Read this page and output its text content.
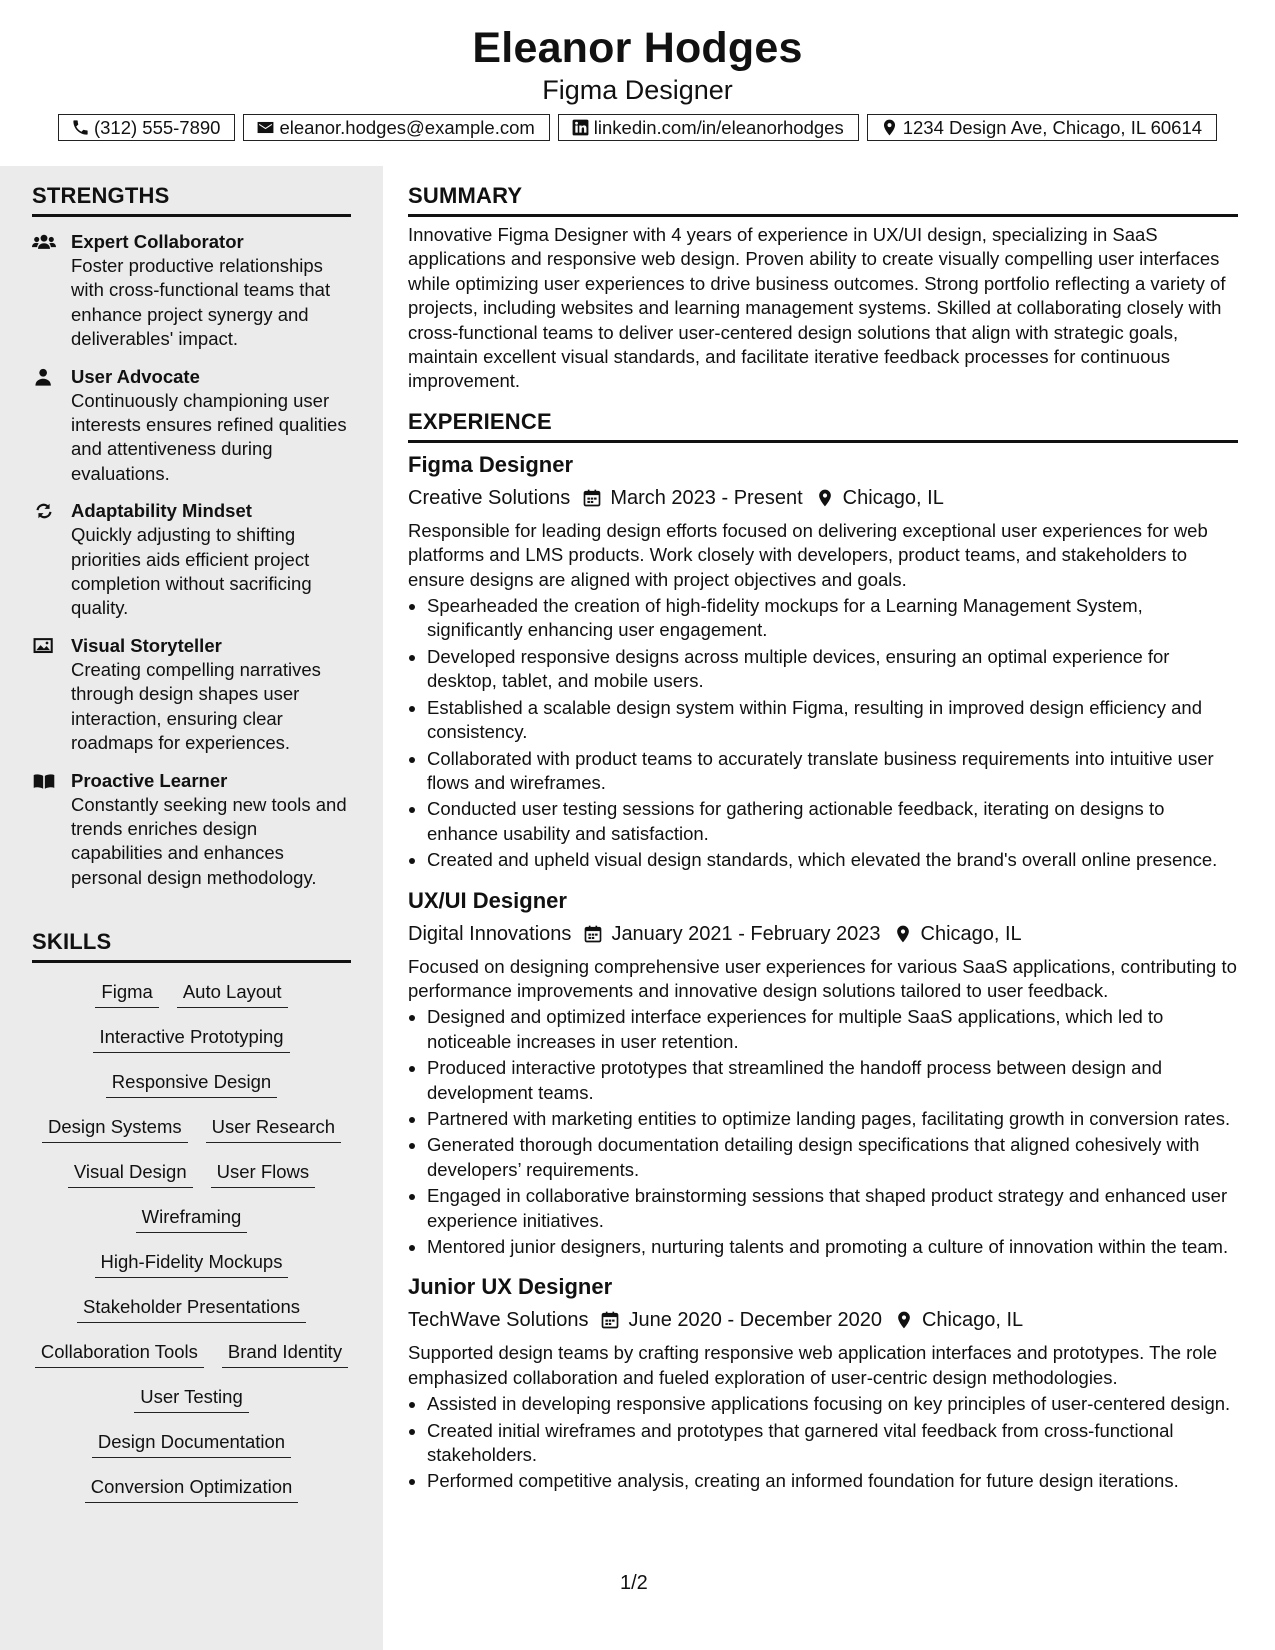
Eleanor Hodges
Figma Designer
(312) 555-7890	eleanor.hodges@example.com	linkedin.com/in/eleanorhodges	1234 Design Ave, Chicago, IL 60614
STRENGTHS
Expert Collaborator
Foster productive relationships with cross-functional teams that enhance project synergy and deliverables' impact.
User Advocate
Continuously championing user interests ensures refined qualities and attentiveness during evaluations.
Adaptability Mindset
Quickly adjusting to shifting priorities aids efficient project completion without sacrificing quality.
Visual Storyteller
Creating compelling narratives through design shapes user interaction, ensuring clear roadmaps for experiences.
Proactive Learner
Constantly seeking new tools and trends enriches design capabilities and enhances personal design methodology.
SKILLS
Figma	Auto Layout
Interactive Prototyping
Responsive Design
Design Systems	User Research
Visual Design	User Flows
Wireframing
High-Fidelity Mockups
Stakeholder Presentations
Collaboration Tools	Brand Identity
User Testing
Design Documentation
Conversion Optimization
SUMMARY
Innovative Figma Designer with 4 years of experience in UX/UI design, specializing in SaaS applications and responsive web design. Proven ability to create visually compelling user interfaces while optimizing user experiences to drive business outcomes. Strong portfolio reflecting a variety of projects, including websites and learning management systems. Skilled at collaborating closely with cross-functional teams to deliver user-centered design solutions that align with strategic goals, maintain excellent visual standards, and facilitate iterative feedback processes for continuous improvement.
EXPERIENCE
Figma Designer
Creative Solutions March 2023 - Present Chicago, IL
Responsible for leading design efforts focused on delivering exceptional user experiences for web platforms and LMS products. Work closely with developers, product teams, and stakeholders to ensure designs are aligned with project objectives and goals.
• Spearheaded the creation of high-fidelity mockups for a Learning Management System, significantly enhancing user engagement.
• Developed responsive designs across multiple devices, ensuring an optimal experience for desktop, tablet, and mobile users.
• Established a scalable design system within Figma, resulting in improved design efficiency and consistency.
• Collaborated with product teams to accurately translate business requirements into intuitive user flows and wireframes.
• Conducted user testing sessions for gathering actionable feedback, iterating on designs to enhance usability and satisfaction.
• Created and upheld visual design standards, which elevated the brand's overall online presence.
UX/UI Designer
Digital Innovations January 2021 - February 2023 Chicago, IL
Focused on designing comprehensive user experiences for various SaaS applications, contributing to performance improvements and innovative design solutions tailored to user feedback.
• Designed and optimized interface experiences for multiple SaaS applications, which led to noticeable increases in user retention.
• Produced interactive prototypes that streamlined the handoff process between design and development teams.
• Partnered with marketing entities to optimize landing pages, facilitating growth in conversion rates.
• Generated thorough documentation detailing design specifications that aligned cohesively with developers’ requirements.
• Engaged in collaborative brainstorming sessions that shaped product strategy and enhanced user experience initiatives.
• Mentored junior designers, nurturing talents and promoting a culture of innovation within the team.
Junior UX Designer
TechWave Solutions June 2020 - December 2020 Chicago, IL
Supported design teams by crafting responsive web application interfaces and prototypes. The role emphasized collaboration and fueled exploration of user-centric design methodologies.
• Assisted in developing responsive applications focusing on key principles of user-centered design.
• Created initial wireframes and prototypes that garnered vital feedback from cross-functional stakeholders.
• Performed competitive analysis, creating an informed foundation for future design iterations.
1/2
